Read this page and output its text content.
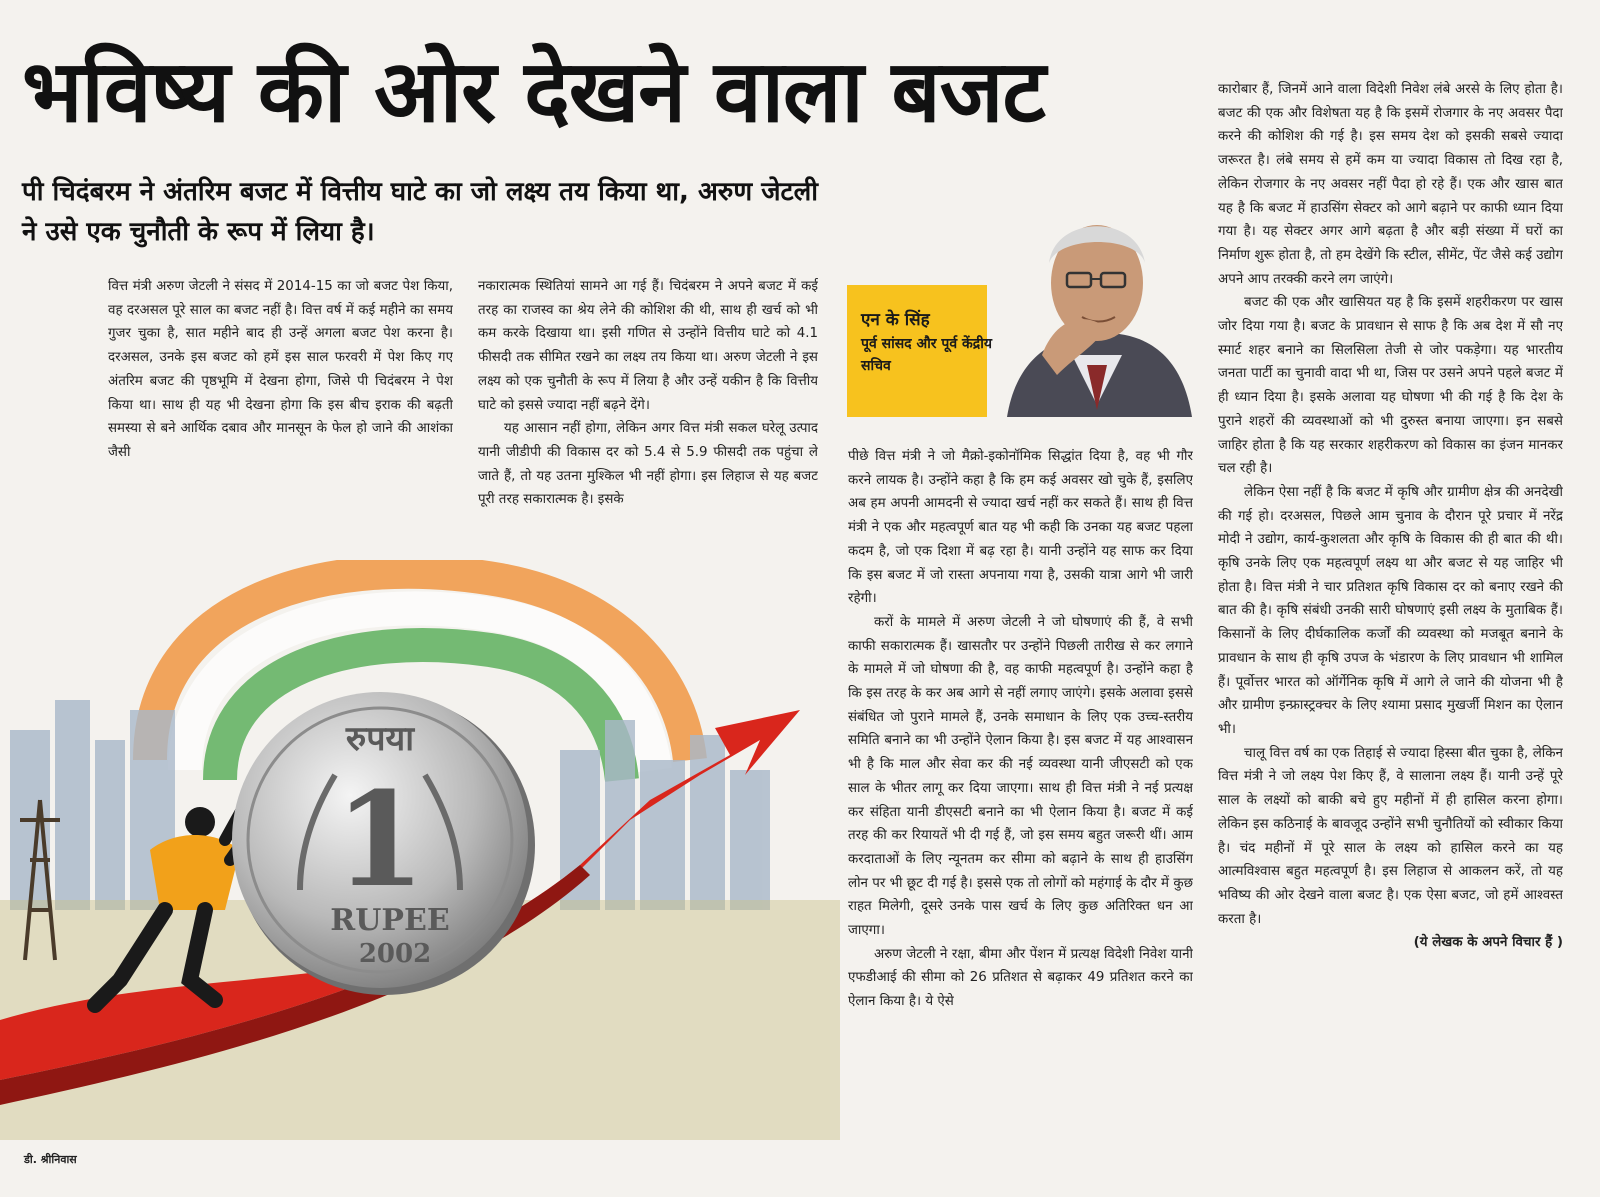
भविष्य की ओर देखने वाला बजट
पी चिदंबरम ने अंतरिम बजट में वित्तीय घाटे का जो लक्ष्य तय किया था, अरुण जेटली ने उसे एक चुनौती के रूप में लिया है।

वित्त मंत्री अरुण जेटली ने संसद में 2014-15 का जो बजट पेश किया, वह दरअसल पूरे साल का बजट नहीं है। वित्त वर्ष में कई महीने का समय गुजर चुका है, सात महीने बाद ही उन्हें अगला बजट पेश करना है। दरअसल, उनके इस बजट को हमें इस साल फरवरी में पेश किए गए अंतरिम बजट की पृष्ठभूमि में देखना होगा, जिसे पी चिदंबरम ने पेश किया था। साथ ही यह भी देखना होगा कि इस बीच इराक की बढ़ती समस्या से बने आर्थिक दबाव और मानसून के फेल हो जाने की आशंका जैसी

नकारात्मक स्थितियां सामने आ गई हैं। चिदंबरम ने अपने बजट में कई तरह का राजस्व का श्रेय लेने की कोशिश की थी, साथ ही खर्च को भी कम करके दिखाया था। इसी गणित से उन्होंने वित्तीय घाटे को 4.1 फीसदी तक सीमित रखने का लक्ष्य तय किया था। अरुण जेटली ने इस लक्ष्य को एक चुनौती के रूप में लिया है और उन्हें यकीन है कि वित्तीय घाटे को इससे ज्यादा नहीं बढ़ने देंगे।

यह आसान नहीं होगा, लेकिन अगर वित्त मंत्री सकल घरेलू उत्पाद यानी जीडीपी की विकास दर को 5.4 से 5.9 फीसदी तक पहुंचा ले जाते हैं, तो यह उतना मुश्किल भी नहीं होगा। इस लिहाज से यह बजट पूरी तरह सकारात्मक है। इसके

एन के सिंह
पूर्व सांसद और पूर्व केंद्रीय सचिव

पीछे वित्त मंत्री ने जो मैक्रो-इकोनॉमिक सिद्धांत दिया है, वह भी गौर करने लायक है। उन्होंने कहा है कि हम कई अवसर खो चुके हैं, इसलिए अब हम अपनी आमदनी से ज्यादा खर्च नहीं कर सकते हैं। साथ ही वित्त मंत्री ने एक और महत्वपूर्ण बात यह भी कही कि उनका यह बजट पहला कदम है, जो एक दिशा में बढ़ रहा है। यानी उन्होंने यह साफ कर दिया कि इस बजट में जो रास्ता अपनाया गया है, उसकी यात्रा आगे भी जारी रहेगी।

करों के मामले में अरुण जेटली ने जो घोषणाएं की हैं, वे सभी काफी सकारात्मक हैं। खासतौर पर उन्होंने पिछली तारीख से कर लगाने के मामले में जो घोषणा की है, वह काफी महत्वपूर्ण है। उन्होंने कहा है कि इस तरह के कर अब आगे से नहीं लगाए जाएंगे। इसके अलावा इससे संबंधित जो पुराने मामले हैं, उनके समाधान के लिए एक उच्च-स्तरीय समिति बनाने का भी उन्होंने ऐलान किया है। इस बजट में यह आश्वासन भी है कि माल और सेवा कर की नई व्यवस्था यानी जीएसटी को एक साल के भीतर लागू कर दिया जाएगा। साथ ही वित्त मंत्री ने नई प्रत्यक्ष कर संहिता यानी डीएसटी बनाने का भी ऐलान किया है। बजट में कई तरह की कर रियायतें भी दी गई हैं, जो इस समय बहुत जरूरी थीं। आम करदाताओं के लिए न्यूनतम कर सीमा को बढ़ाने के साथ ही हाउसिंग लोन पर भी छूट दी गई है। इससे एक तो लोगों को महंगाई के दौर में कुछ राहत मिलेगी, दूसरे उनके पास खर्च के लिए कुछ अतिरिक्त धन आ जाएगा।

अरुण जेटली ने रक्षा, बीमा और पेंशन में प्रत्यक्ष विदेशी निवेश यानी एफडीआई की सीमा को 26 प्रतिशत से बढ़ाकर 49 प्रतिशत करने का ऐलान किया है। ये ऐसे

कारोबार हैं, जिनमें आने वाला विदेशी निवेश लंबे अरसे के लिए होता है। बजट की एक और विशेषता यह है कि इसमें रोजगार के नए अवसर पैदा करने की कोशिश की गई है। इस समय देश को इसकी सबसे ज्यादा जरूरत है। लंबे समय से हमें कम या ज्यादा विकास तो दिख रहा है, लेकिन रोजगार के नए अवसर नहीं पैदा हो रहे हैं। एक और खास बात यह है कि बजट में हाउसिंग सेक्टर को आगे बढ़ाने पर काफी ध्यान दिया गया है। यह सेक्टर अगर आगे बढ़ता है और बड़ी संख्या में घरों का निर्माण शुरू होता है, तो हम देखेंगे कि स्टील, सीमेंट, पेंट जैसे कई उद्योग अपने आप तरक्की करने लग जाएंगे।

बजट की एक और खासियत यह है कि इसमें शहरीकरण पर खास जोर दिया गया है। बजट के प्रावधान से साफ है कि अब देश में सौ नए स्मार्ट शहर बनाने का सिलसिला तेजी से जोर पकड़ेगा। यह भारतीय जनता पार्टी का चुनावी वादा भी था, जिस पर उसने अपने पहले बजट में ही ध्यान दिया है। इसके अलावा यह घोषणा भी की गई है कि देश के पुराने शहरों की व्यवस्थाओं को भी दुरुस्त बनाया जाएगा। इन सबसे जाहिर होता है कि यह सरकार शहरीकरण को विकास का इंजन मानकर चल रही है।

लेकिन ऐसा नहीं है कि बजट में कृषि और ग्रामीण क्षेत्र की अनदेखी की गई हो। दरअसल, पिछले आम चुनाव के दौरान पूरे प्रचार में नरेंद्र मोदी ने उद्योग, कार्य-कुशलता और कृषि के विकास की ही बात की थी। कृषि उनके लिए एक महत्वपूर्ण लक्ष्य था और बजट से यह जाहिर भी होता है। वित्त मंत्री ने चार प्रतिशत कृषि विकास दर को बनाए रखने की बात की है। कृषि संबंधी उनकी सारी घोषणाएं इसी लक्ष्य के मुताबिक हैं। किसानों के लिए दीर्घकालिक कर्जों की व्यवस्था को मजबूत बनाने के प्रावधान के साथ ही कृषि उपज के भंडारण के लिए प्रावधान भी शामिल हैं। पूर्वोत्तर भारत को ऑर्गेनिक कृषि में आगे ले जाने की योजना भी है और ग्रामीण इन्फ्रास्ट्रक्चर के लिए श्यामा प्रसाद मुखर्जी मिशन का ऐलान भी।

चालू वित्त वर्ष का एक तिहाई से ज्यादा हिस्सा बीत चुका है, लेकिन वित्त मंत्री ने जो लक्ष्य पेश किए हैं, वे सालाना लक्ष्य हैं। यानी उन्हें पूरे साल के लक्ष्यों को बाकी बचे हुए महीनों में ही हासिल करना होगा। लेकिन इस कठिनाई के बावजूद उन्होंने सभी चुनौतियों को स्वीकार किया है। चंद महीनों में पूरे साल के लक्ष्य को हासिल करने का यह आत्मविश्वास बहुत महत्वपूर्ण है। इस लिहाज से आकलन करें, तो यह भविष्य की ओर देखने वाला बजट है। एक ऐसा बजट, जो हमें आश्वस्त करता है।

(ये लेखक के अपने विचार हैं )

रुपया
1
RUPEE
2002
डी. श्रीनिवास
